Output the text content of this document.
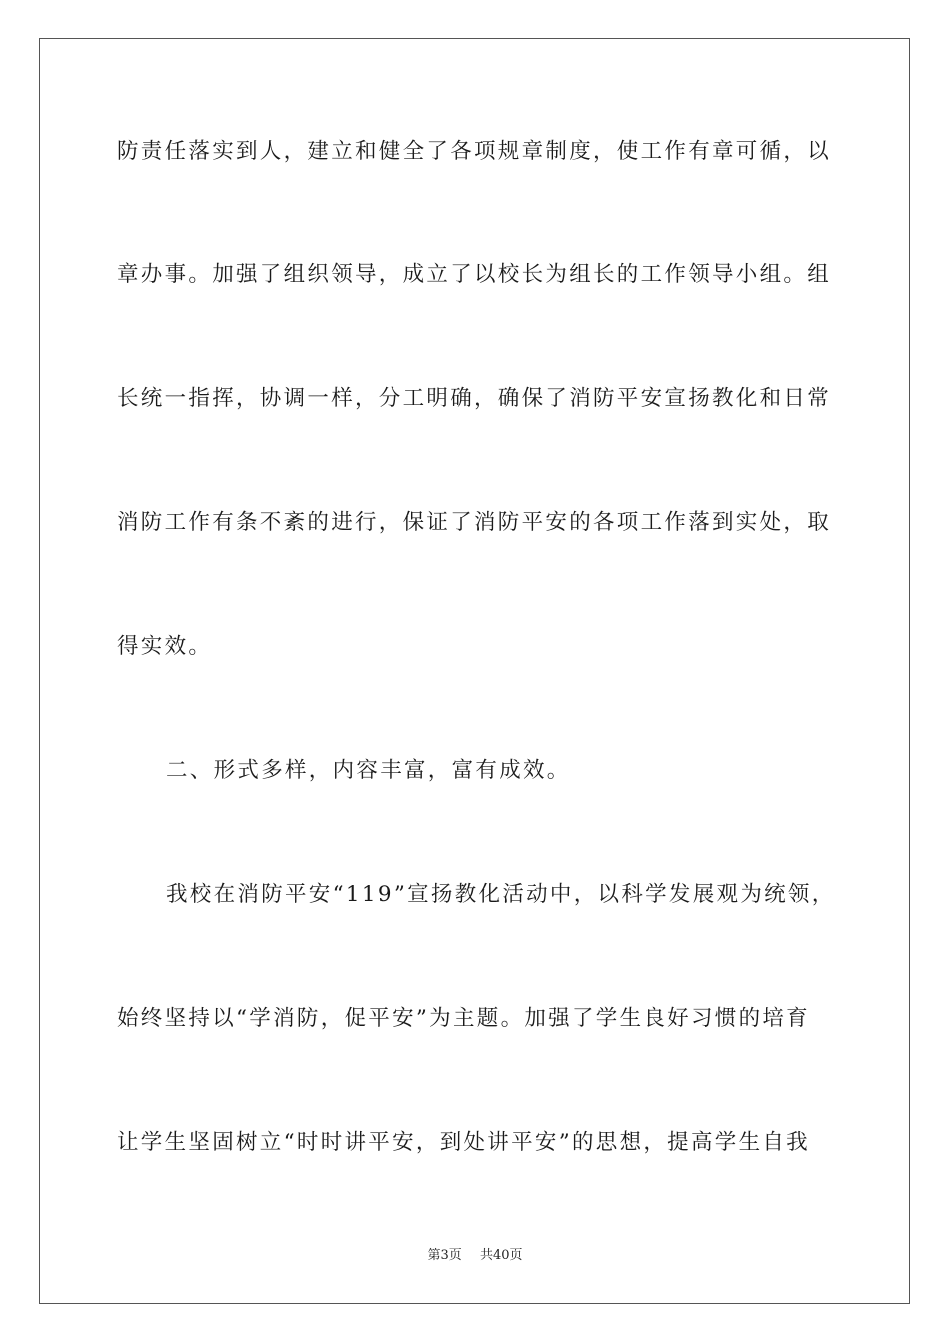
防责任落实到人，建立和健全了各项规章制度，使工作有章可循，以
章办事。加强了组织领导，成立了以校长为组长的工作领导小组。组
长统一指挥，协调一样，分工明确，确保了消防平安宣扬教化和日常
消防工作有条不紊的进行，保证了消防平安的各项工作落到实处，取
得实效。
二、形式多样，内容丰富，富有成效。
我校在消防平安“119”宣扬教化活动中，以科学发展观为统领，
始终坚持以“学消防，促平安”为主题。加强了学生良好习惯的培育
让学生坚固树立“时时讲平安，到处讲平安”的思想，提高学生自我
第3页 共40页
